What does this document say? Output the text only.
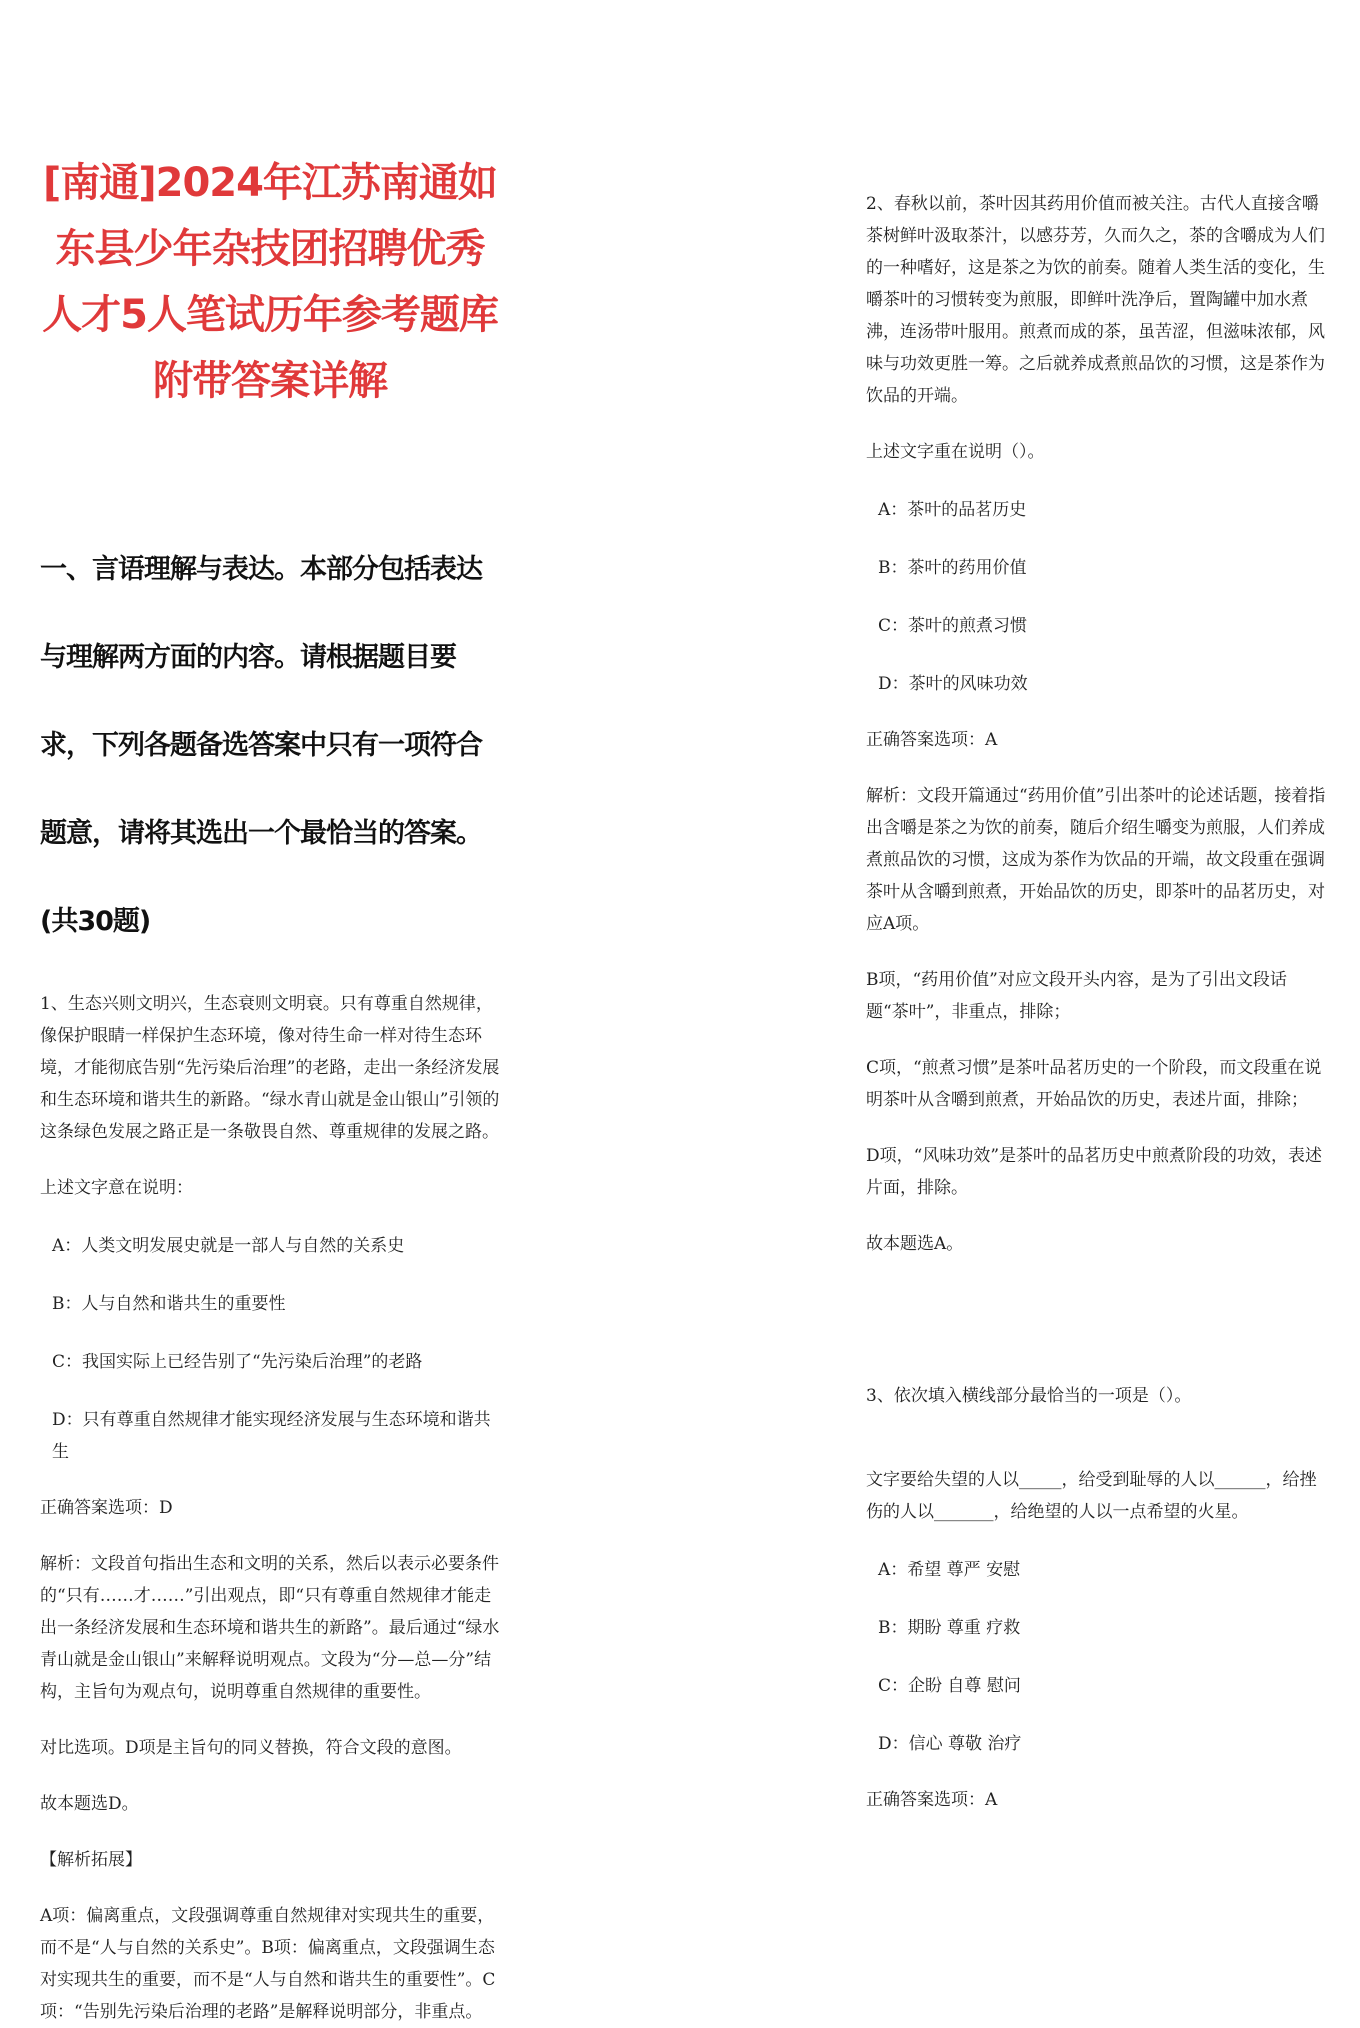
[南通]2024年江苏南通如东县少年杂技团招聘优秀人才5人笔试历年参考题库附带答案详解
一、言语理解与表达。本部分包括表达与理解两方面的内容。请根据题目要求，下列各题备选答案中只有一项符合题意，请将其选出一个最恰当的答案。(共30题)

1、生态兴则文明兴，生态衰则文明衰。只有尊重自然规律，像保护眼睛一样保护生态环境，像对待生命一样对待生态环境，才能彻底告别“先污染后治理”的老路，走出一条经济发展和生态环境和谐共生的新路。“绿水青山就是金山银山”引领的这条绿色发展之路正是一条敬畏自然、尊重规律的发展之路。

上述文字意在说明：

A：人类文明发展史就是一部人与自然的关系史

B：人与自然和谐共生的重要性

C：我国实际上已经告别了“先污染后治理”的老路

D：只有尊重自然规律才能实现经济发展与生态环境和谐共生

正确答案选项：D

解析：文段首句指出生态和文明的关系，然后以表示必要条件的“只有……才……”引出观点，即“只有尊重自然规律才能走出一条经济发展和生态环境和谐共生的新路”。最后通过“绿水青山就是金山银山”来解释说明观点。文段为“分—总—分”结构，主旨句为观点句，说明尊重自然规律的重要性。

对比选项。D项是主旨句的同义替换，符合文段的意图。

故本题选D。

【解析拓展】

A项：偏离重点，文段强调尊重自然规律对实现共生的重要，而不是“人与自然的关系史”。B项：偏离重点，文段强调生态对实现共生的重要，而不是“人与自然和谐共生的重要性”。C项：“告别先污染后治理的老路”是解释说明部分，非重点。

2、春秋以前，茶叶因其药用价值而被关注。古代人直接含嚼茶树鲜叶汲取茶汁，以感芬芳，久而久之，茶的含嚼成为人们的一种嗜好，这是茶之为饮的前奏。随着人类生活的变化，生嚼茶叶的习惯转变为煎服，即鲜叶洗净后，置陶罐中加水煮沸，连汤带叶服用。煎煮而成的茶，虽苦涩，但滋味浓郁，风味与功效更胜一筹。之后就养成煮煎品饮的习惯，这是茶作为饮品的开端。

上述文字重在说明（）。

A：茶叶的品茗历史

B：茶叶的药用价值

C：茶叶的煎煮习惯

D：茶叶的风味功效

正确答案选项：A

解析：文段开篇通过“药用价值”引出茶叶的论述话题，接着指出含嚼是茶之为饮的前奏，随后介绍生嚼变为煎服，人们养成煮煎品饮的习惯，这成为茶作为饮品的开端，故文段重在强调茶叶从含嚼到煎煮，开始品饮的历史，即茶叶的品茗历史，对应A项。

B项，“药用价值”对应文段开头内容，是为了引出文段话题“茶叶”，非重点，排除；

C项，“煎煮习惯”是茶叶品茗历史的一个阶段，而文段重在说明茶叶从含嚼到煎煮，开始品饮的历史，表述片面，排除；

D项，“风味功效”是茶叶的品茗历史中煎煮阶段的功效，表述片面，排除。

故本题选A。

3、依次填入横线部分最恰当的一项是（）。

文字要给失望的人以_____，给受到耻辱的人以______，给挫伤的人以_______，给绝望的人以一点希望的火星。

A：希望 尊严 安慰

B：期盼 尊重 疗救

C：企盼 自尊 慰问

D：信心 尊敬 治疗

正确答案选项：A
